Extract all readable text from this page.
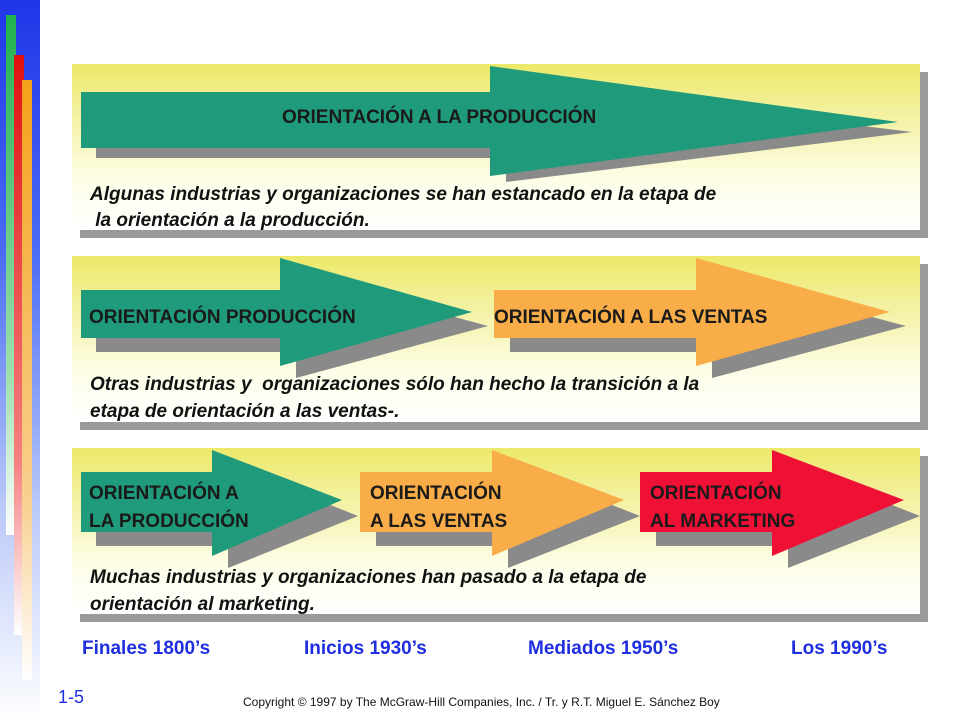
ORIENTACIÓN A LA PRODUCCIÓN
Algunas industrias y organizaciones se han estancado en la etapa de
la orientación a la producción.
ORIENTACIÓN PRODUCCIÓN	ORIENTACIÓN A LAS VENTAS
Otras industrias y  organizaciones sólo han hecho la transición a la
etapa de orientación a las ventas-.
ORIENTACIÓN A
LA PRODUCCIÓN
ORIENTACIÓN
A LAS VENTAS
ORIENTACIÓN
AL MARKETING
Muchas industrias y organizaciones han pasado a la etapa de
orientación al marketing.
Finales 1800’s	Inicios 1930’s	Mediados 1950’s	Los 1990’s
1-5	Copyright © 1997 by The McGraw-Hill Companies, Inc. / Tr. y R.T. Miguel E. Sánchez Boy
